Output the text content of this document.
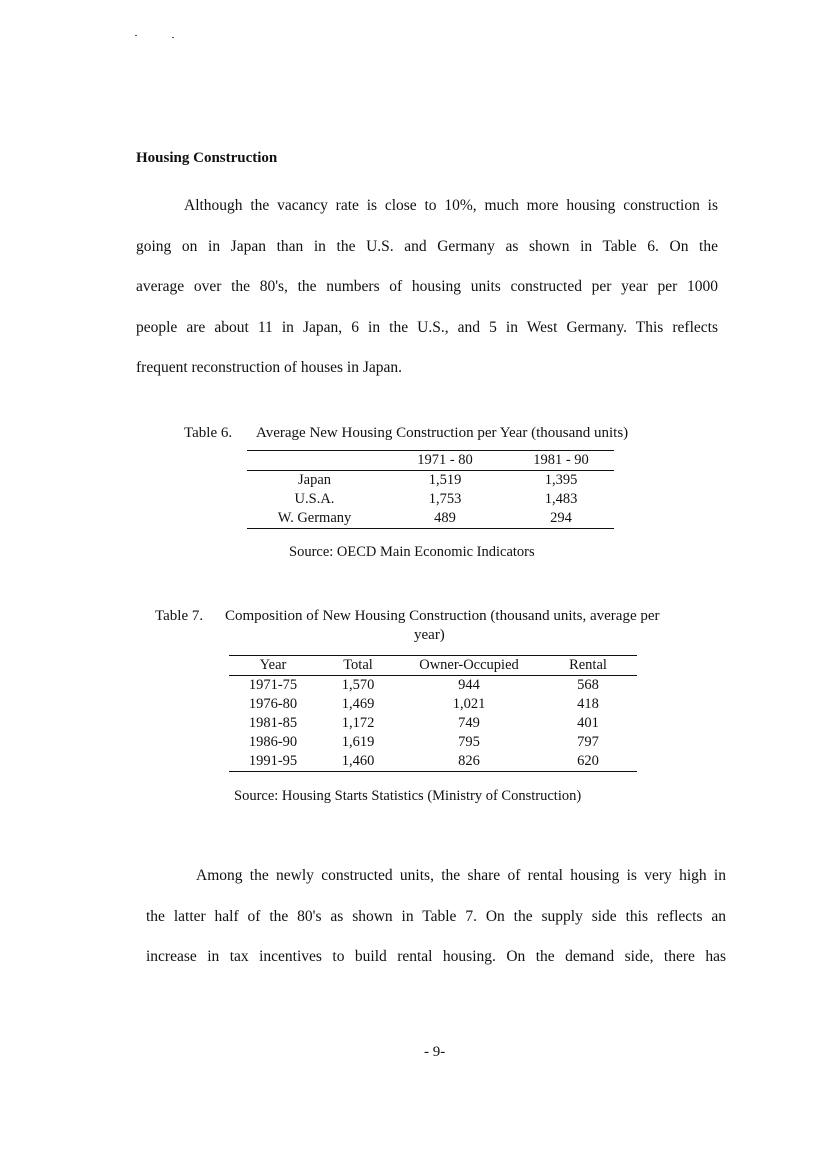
Housing Construction
Although the vacancy rate is close to 10%, much more housing construction is
going on in Japan than in the U.S. and Germany as shown in Table 6. On the
average over the 80's, the numbers of housing units constructed per year per 1000
people are about 11 in Japan, 6 in the U.S., and 5 in West Germany. This reflects
frequent reconstruction of houses in Japan.
Table 6. Average New Housing Construction per Year (thousand units)
	1971 - 80	1981 - 90
Japan	1,519	1,395
U.S.A.	1,753	1,483
W. Germany	489	294
Source: OECD Main Economic Indicators
Table 7. Composition of New Housing Construction (thousand units, average per
year)
Year	Total	Owner-Occupied	Rental
1971-75	1,570	944	568
1976-80	1,469	1,021	418
1981-85	1,172	749	401
1986-90	1,619	795	797
1991-95	1,460	826	620
Source: Housing Starts Statistics (Ministry of Construction)
Among the newly constructed units, the share of rental housing is very high in
the latter half of the 80's as shown in Table 7. On the supply side this reflects an
increase in tax incentives to build rental housing. On the demand side, there has
- 9-
